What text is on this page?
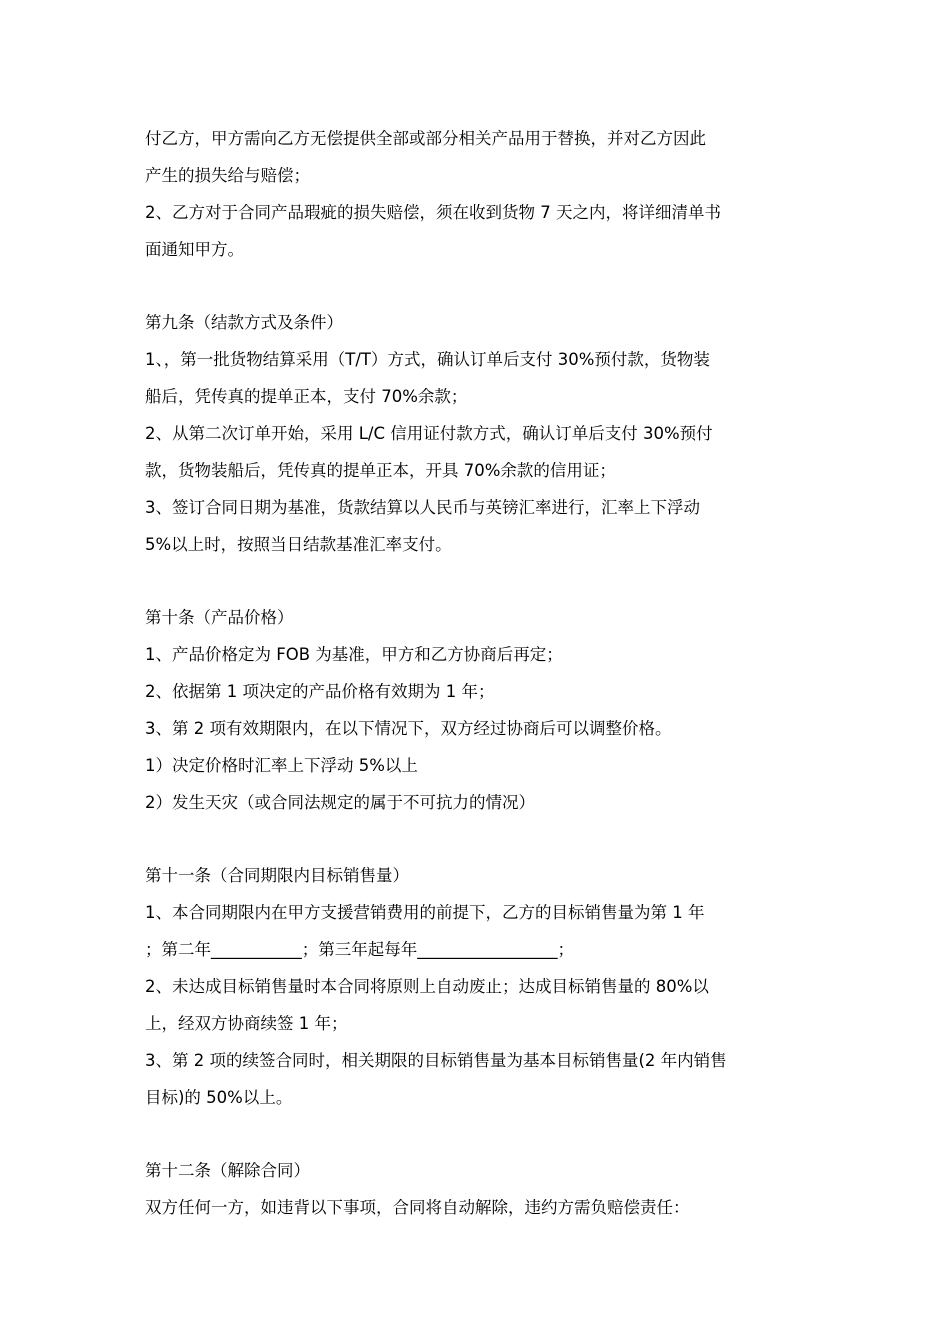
付乙方，甲方需向乙方无偿提供全部或部分相关产品用于替换，并对乙方因此

产生的损失给与赔偿；

2、乙方对于合同产品瑕疵的损失赔偿，须在收到货物 7 天之内，将详细清单书

面通知甲方。

第九条（结款方式及条件）

1、，第一批货物结算采用（T/T）方式，确认订单后支付 30%预付款，货物装

船后，凭传真的提单正本，支付 70%余款；

2、从第二次订单开始，采用 L/C 信用证付款方式，确认订单后支付 30%预付

款，货物装船后，凭传真的提单正本，开具 70%余款的信用证；

3、签订合同日期为基准，货款结算以人民币与英镑汇率进行，汇率上下浮动

5%以上时，按照当日结款基准汇率支付。

第十条（产品价格）

1、产品价格定为 FOB 为基准，甲方和乙方协商后再定；

2、依据第 1 项决定的产品价格有效期为 1 年；

3、第 2 项有效期限内，在以下情况下，双方经过协商后可以调整价格。

1）决定价格时汇率上下浮动 5%以上

2）发生天灾（或合同法规定的属于不可抗力的情况）

第十一条（合同期限内目标销售量）

1、本合同期限内在甲方支援营销费用的前提下，乙方的目标销售量为第 1 年

；第二年___________；第三年起每年_________________；

2、未达成目标销售量时本合同将原则上自动废止；达成目标销售量的 80%以

上，经双方协商续签 1 年；

3、第 2 项的续签合同时，相关期限的目标销售量为基本目标销售量(2 年内销售

目标)的 50%以上。

第十二条（解除合同）

双方任何一方，如违背以下事项，合同将自动解除，违约方需负赔偿责任：
